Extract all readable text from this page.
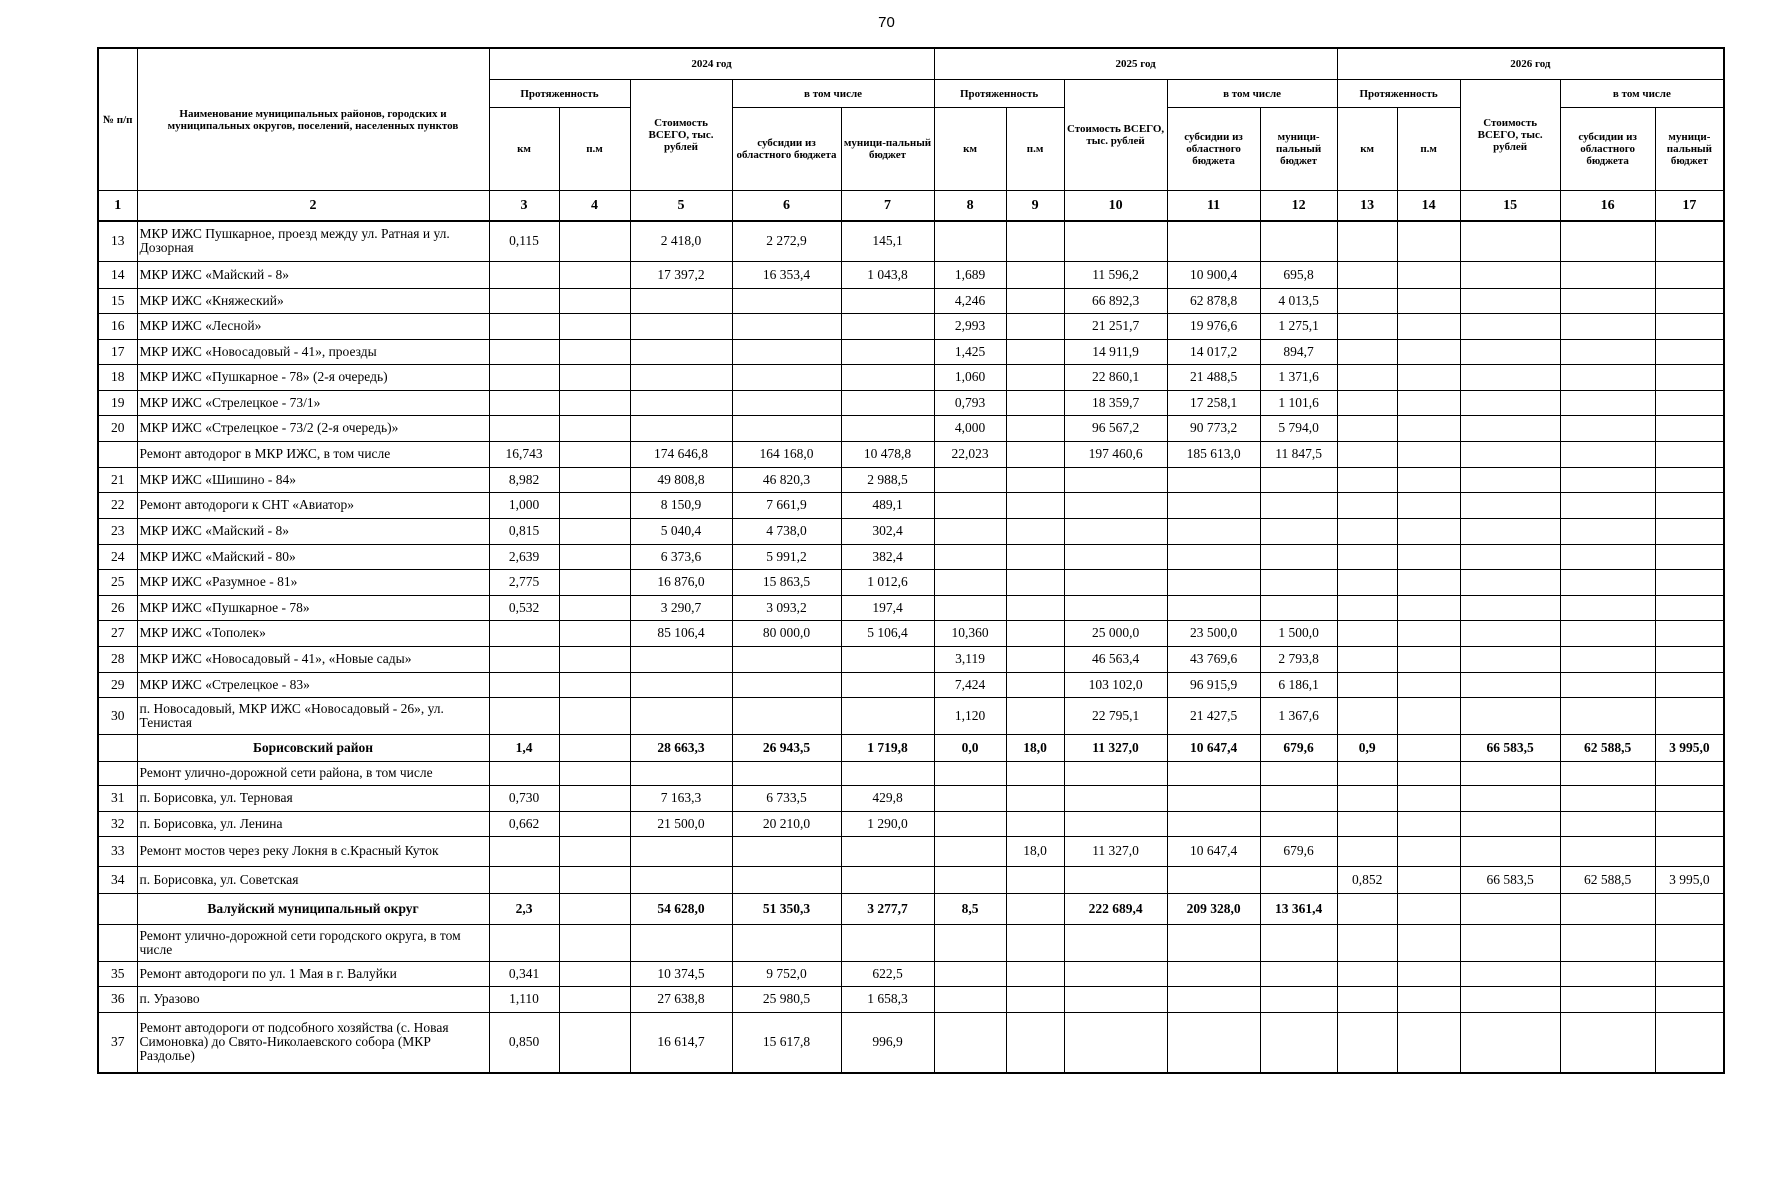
70
№ п/п	Наименование муниципальных районов, городских и муниципальных округов, поселений, населенных пунктов	2024 год					2025 год					2026 год				
		Протяженность		Стоимость ВСЕГО, тыс. рублей	в том числе		Протяженность		Стоимость ВСЕГО, тыс. рублей	в том числе		Протяженность		Стоимость ВСЕГО, тыс. рублей	в том числе	
		км	п.м		субсидии из областного бюджета	муници-пальный бюджет	км	п.м		субсидии из областного бюджета	муници-пальный бюджет	км	п.м		субсидии из областного бюджета	муници-пальный бюджет
1	2	3	4	5	6	7	8	9	10	11	12	13	14	15	16	17
13	МКР ИЖС Пушкарное, проезд между ул. Ратная и ул. Дозорная	0,115		2 418,0	2 272,9	145,1										
14	МКР ИЖС «Майский - 8»			17 397,2	16 353,4	1 043,8	1,689		11 596,2	10 900,4	695,8					
15	МКР ИЖС «Княжеский»						4,246		66 892,3	62 878,8	4 013,5					
16	МКР ИЖС «Лесной»						2,993		21 251,7	19 976,6	1 275,1					
17	МКР ИЖС «Новосадовый - 41», проезды						1,425		14 911,9	14 017,2	894,7					
18	МКР ИЖС «Пушкарное - 78» (2-я очередь)						1,060		22 860,1	21 488,5	1 371,6					
19	МКР ИЖС «Стрелецкое - 73/1»						0,793		18 359,7	17 258,1	1 101,6					
20	МКР ИЖС «Стрелецкое - 73/2 (2-я очередь)»						4,000		96 567,2	90 773,2	5 794,0					
	Ремонт автодорог в МКР ИЖС, в том числе	16,743		174 646,8	164 168,0	10 478,8	22,023		197 460,6	185 613,0	11 847,5					
21	МКР ИЖС «Шишино - 84»	8,982		49 808,8	46 820,3	2 988,5										
22	Ремонт автодороги к СНТ «Авиатор»	1,000		8 150,9	7 661,9	489,1										
23	МКР ИЖС «Майский - 8»	0,815		5 040,4	4 738,0	302,4										
24	МКР ИЖС «Майский - 80»	2,639		6 373,6	5 991,2	382,4										
25	МКР ИЖС «Разумное - 81»	2,775		16 876,0	15 863,5	1 012,6										
26	МКР ИЖС «Пушкарное - 78»	0,532		3 290,7	3 093,2	197,4										
27	МКР ИЖС «Тополек»			85 106,4	80 000,0	5 106,4	10,360		25 000,0	23 500,0	1 500,0					
28	МКР ИЖС «Новосадовый - 41», «Новые сады»						3,119		46 563,4	43 769,6	2 793,8					
29	МКР ИЖС «Стрелецкое - 83»						7,424		103 102,0	96 915,9	6 186,1					
30	п. Новосадовый, МКР ИЖС «Новосадовый - 26», ул. Тенистая						1,120		22 795,1	21 427,5	1 367,6					
	Борисовский район	1,4		28 663,3	26 943,5	1 719,8	0,0	18,0	11 327,0	10 647,4	679,6	0,9		66 583,5	62 588,5	3 995,0
	Ремонт улично-дорожной сети района, в том числе															
31	п. Борисовка, ул. Терновая	0,730		7 163,3	6 733,5	429,8										
32	п. Борисовка, ул. Ленина	0,662		21 500,0	20 210,0	1 290,0										
33	Ремонт мостов через реку Локня в с.Красный Куток							18,0	11 327,0	10 647,4	679,6					
34	п. Борисовка, ул. Советская											0,852		66 583,5	62 588,5	3 995,0
	Валуйский муниципальный округ	2,3		54 628,0	51 350,3	3 277,7	8,5		222 689,4	209 328,0	13 361,4					
	Ремонт улично-дорожной сети городского округа, в том числе															
35	Ремонт автодороги по ул. 1 Мая в г. Валуйки	0,341		10 374,5	9 752,0	622,5										
36	п. Уразово	1,110		27 638,8	25 980,5	1 658,3										
37	Ремонт автодороги от подсобного хозяйства (с. Новая Симоновка) до Свято-Николаевского собора (МКР Раздолье)	0,850		16 614,7	15 617,8	996,9										
